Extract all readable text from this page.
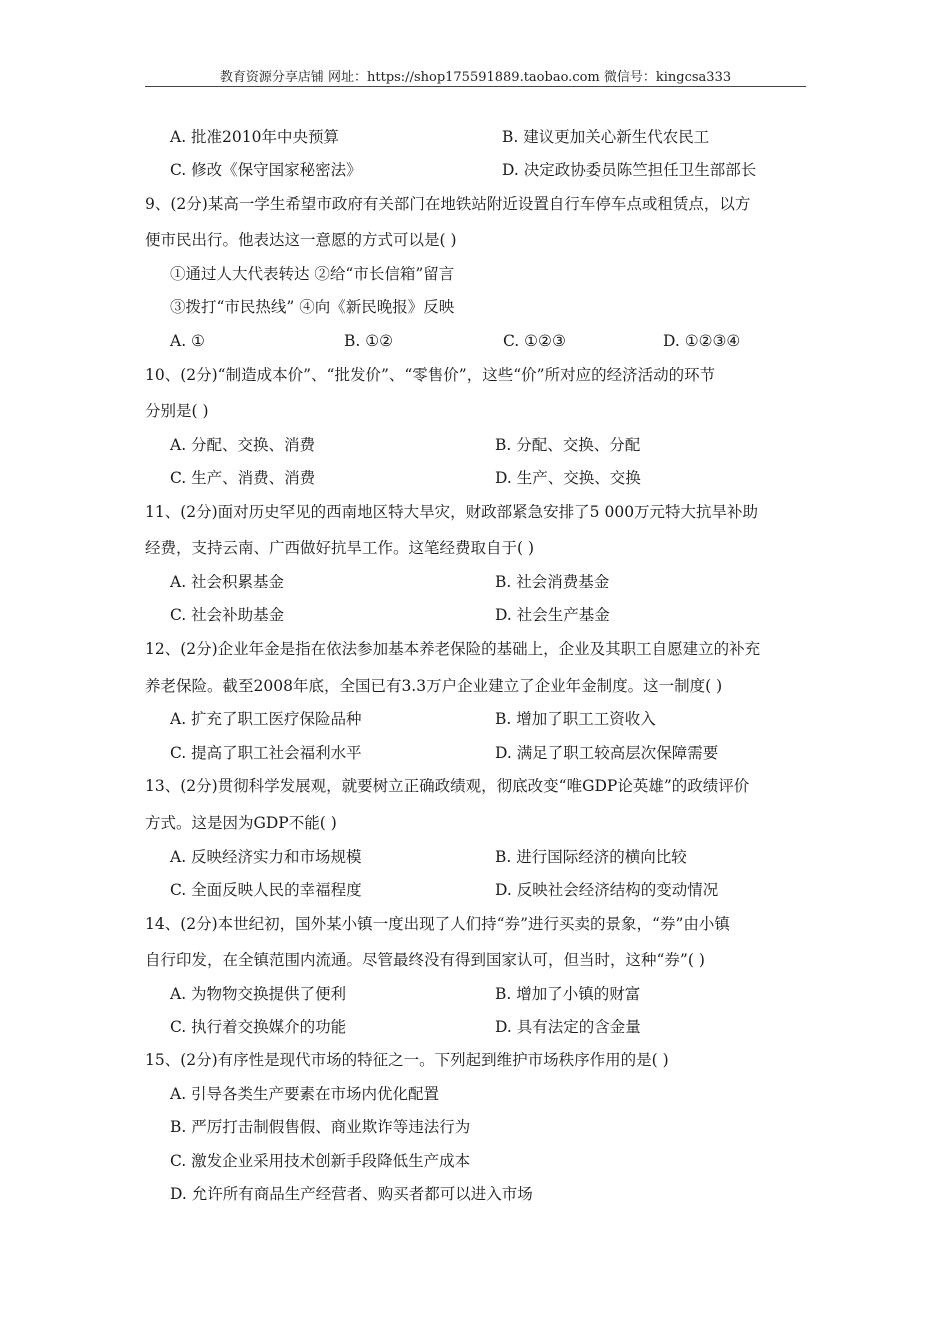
教育资源分享店铺 网址：https://shop175591889.taobao.com 微信号：kingcsa333
A. 批准2010年中央预算	B. 建议更加关心新生代农民工
C. 修改《保守国家秘密法》	D. 决定政协委员陈竺担任卫生部部长
9、(2分)某高一学生希望市政府有关部门在地铁站附近设置自行车停车点或租赁点，以方
便市民出行。他表达这一意愿的方式可以是( )
①通过人大代表转达 ②给“市长信箱”留言
③拨打“市民热线” ④向《新民晚报》反映
A. ①	B. ①②	C. ①②③	D. ①②③④
10、(2分)“制造成本价”、“批发价”、“零售价”，这些“价”所对应的经济活动的环节
分别是( )
A. 分配、交换、消费	B. 分配、交换、分配
C. 生产、消费、消费	D. 生产、交换、交换
11、(2分)面对历史罕见的西南地区特大旱灾，财政部紧急安排了5 000万元特大抗旱补助
经费，支持云南、广西做好抗旱工作。这笔经费取自于( )
A. 社会积累基金	B. 社会消费基金
C. 社会补助基金	D. 社会生产基金
12、(2分)企业年金是指在依法参加基本养老保险的基础上，企业及其职工自愿建立的补充
养老保险。截至2008年底，全国已有3.3万户企业建立了企业年金制度。这一制度( )
A. 扩充了职工医疗保险品种	B. 增加了职工工资收入
C. 提高了职工社会福利水平	D. 满足了职工较高层次保障需要
13、(2分)贯彻科学发展观，就要树立正确政绩观，彻底改变“唯GDP论英雄”的政绩评价
方式。这是因为GDP不能( )
A. 反映经济实力和市场规模	B. 进行国际经济的横向比较
C. 全面反映人民的幸福程度	D. 反映社会经济结构的变动情况
14、(2分)本世纪初，国外某小镇一度出现了人们持“券”进行买卖的景象，“券”由小镇
自行印发，在全镇范围内流通。尽管最终没有得到国家认可，但当时，这种“券”( )
A. 为物物交换提供了便利	B. 增加了小镇的财富
C. 执行着交换媒介的功能	D. 具有法定的含金量
15、(2分)有序性是现代市场的特征之一。下列起到维护市场秩序作用的是( )
A. 引导各类生产要素在市场内优化配置
B. 严厉打击制假售假、商业欺诈等违法行为
C. 激发企业采用技术创新手段降低生产成本
D. 允许所有商品生产经营者、购买者都可以进入市场
